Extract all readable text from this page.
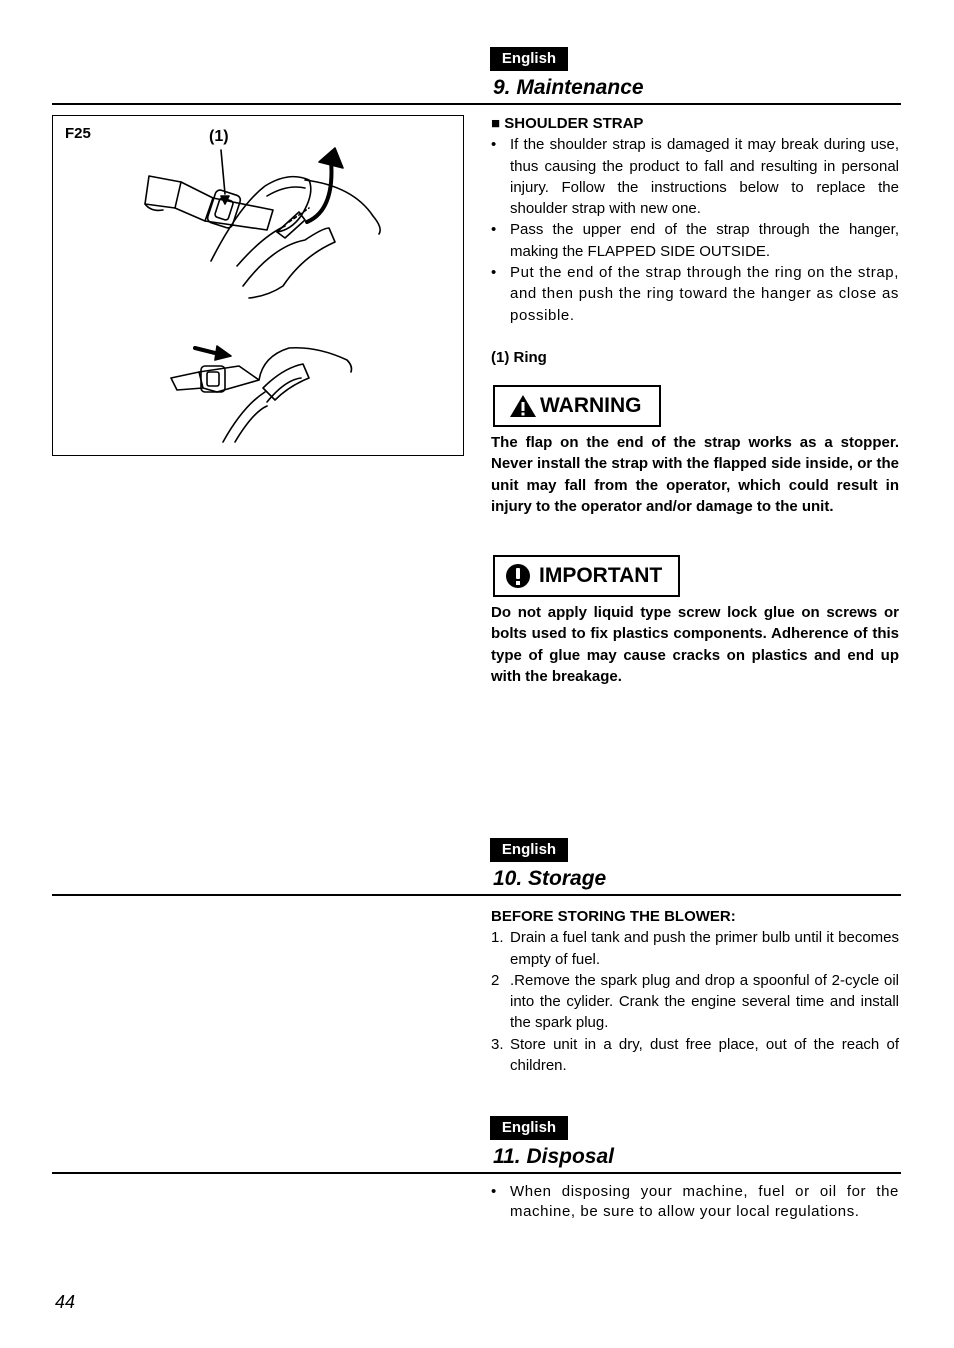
English
9. Maintenance
F25	(1)

■ SHOULDER STRAP

• If the shoulder strap is damaged it may break during use, thus causing the product to fall and resulting in personal injury. Follow the instructions below to replace the shoulder strap with new one.
• Pass the upper end of the strap through the hanger, making the FLAPPED SIDE OUTSIDE.
• Put the end of the strap through the ring on the strap, and then push the ring toward the hanger as close as possible.
(1) Ring
WARNING
The flap on the end of the strap works as a stopper. Never install the strap with the flapped side inside, or the unit may fall from the operator, which could result in injury to the operator and/or damage to the unit.
IMPORTANT
Do not apply liquid type screw lock glue on screws or bolts used to fix plastics components. Adherence of this type of glue may cause cracks on plastics and end up with the breakage.
English
10. Storage

BEFORE STORING THE BLOWER:

1. Drain a fuel tank and push the primer bulb until it becomes empty of fuel.
2 .Remove the spark plug and drop a spoonful of 2-cycle oil into the cylider. Crank the engine several time and install the spark plug.
3. Store unit in a dry, dust free place, out of the reach of children.
English
11. Disposal
• When disposing your machine, fuel or oil for the machine, be sure to allow your local regulations.
44
